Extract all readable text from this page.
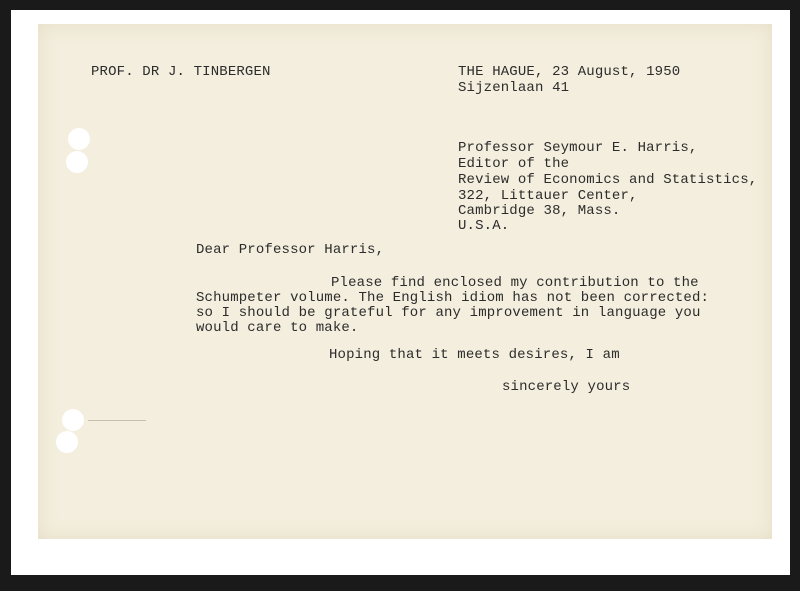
PROF. DR J. TINBERGEN	THE HAGUE, 23 August, 1950
Sijzenlaan 41
Professor Seymour E. Harris,
Editor of the
Review of Economics and Statistics,
322, Littauer Center,
Cambridge 38, Mass.
U.S.A.
Dear Professor Harris,
Please find enclosed my contribution to the
Schumpeter volume. The English idiom has not been corrected:
so I should be grateful for any improvement in language you
would care to make.
Hoping that it meets desires, I am
sincerely yours
